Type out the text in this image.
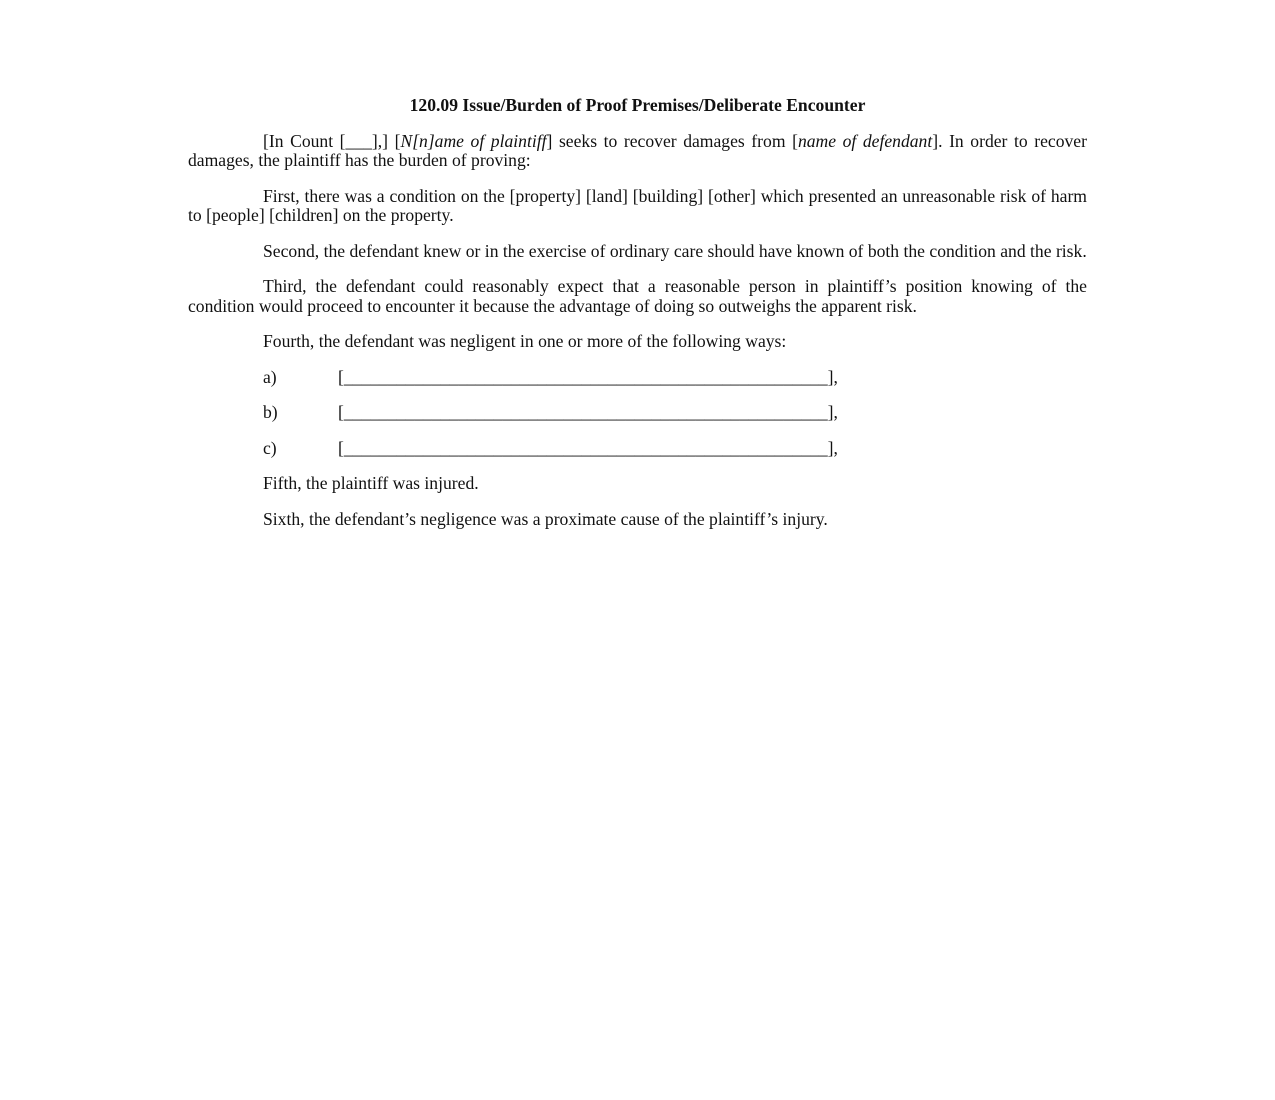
120.09 Issue/Burden of Proof Premises/Deliberate Encounter
[In Count [___],] [N[n]ame of plaintiff] seeks to recover damages from [name of defendant]. In order to recover damages, the plaintiff has the burden of proving:
First, there was a condition on the [property] [land] [building] [other] which presented an unreasonable risk of harm to [people] [children] on the property.
Second, the defendant knew or in the exercise of ordinary care should have known of both the condition and the risk.
Third, the defendant could reasonably expect that a reasonable person in plaintiff’s position knowing of the condition would proceed to encounter it because the advantage of doing so outweighs the apparent risk.
Fourth, the defendant was negligent in one or more of the following ways:
a)	[_______________________________________________________],
b)	[_______________________________________________________],
c)	[_______________________________________________________],
Fifth, the plaintiff was injured.
Sixth, the defendant’s negligence was a proximate cause of the plaintiff’s injury.
